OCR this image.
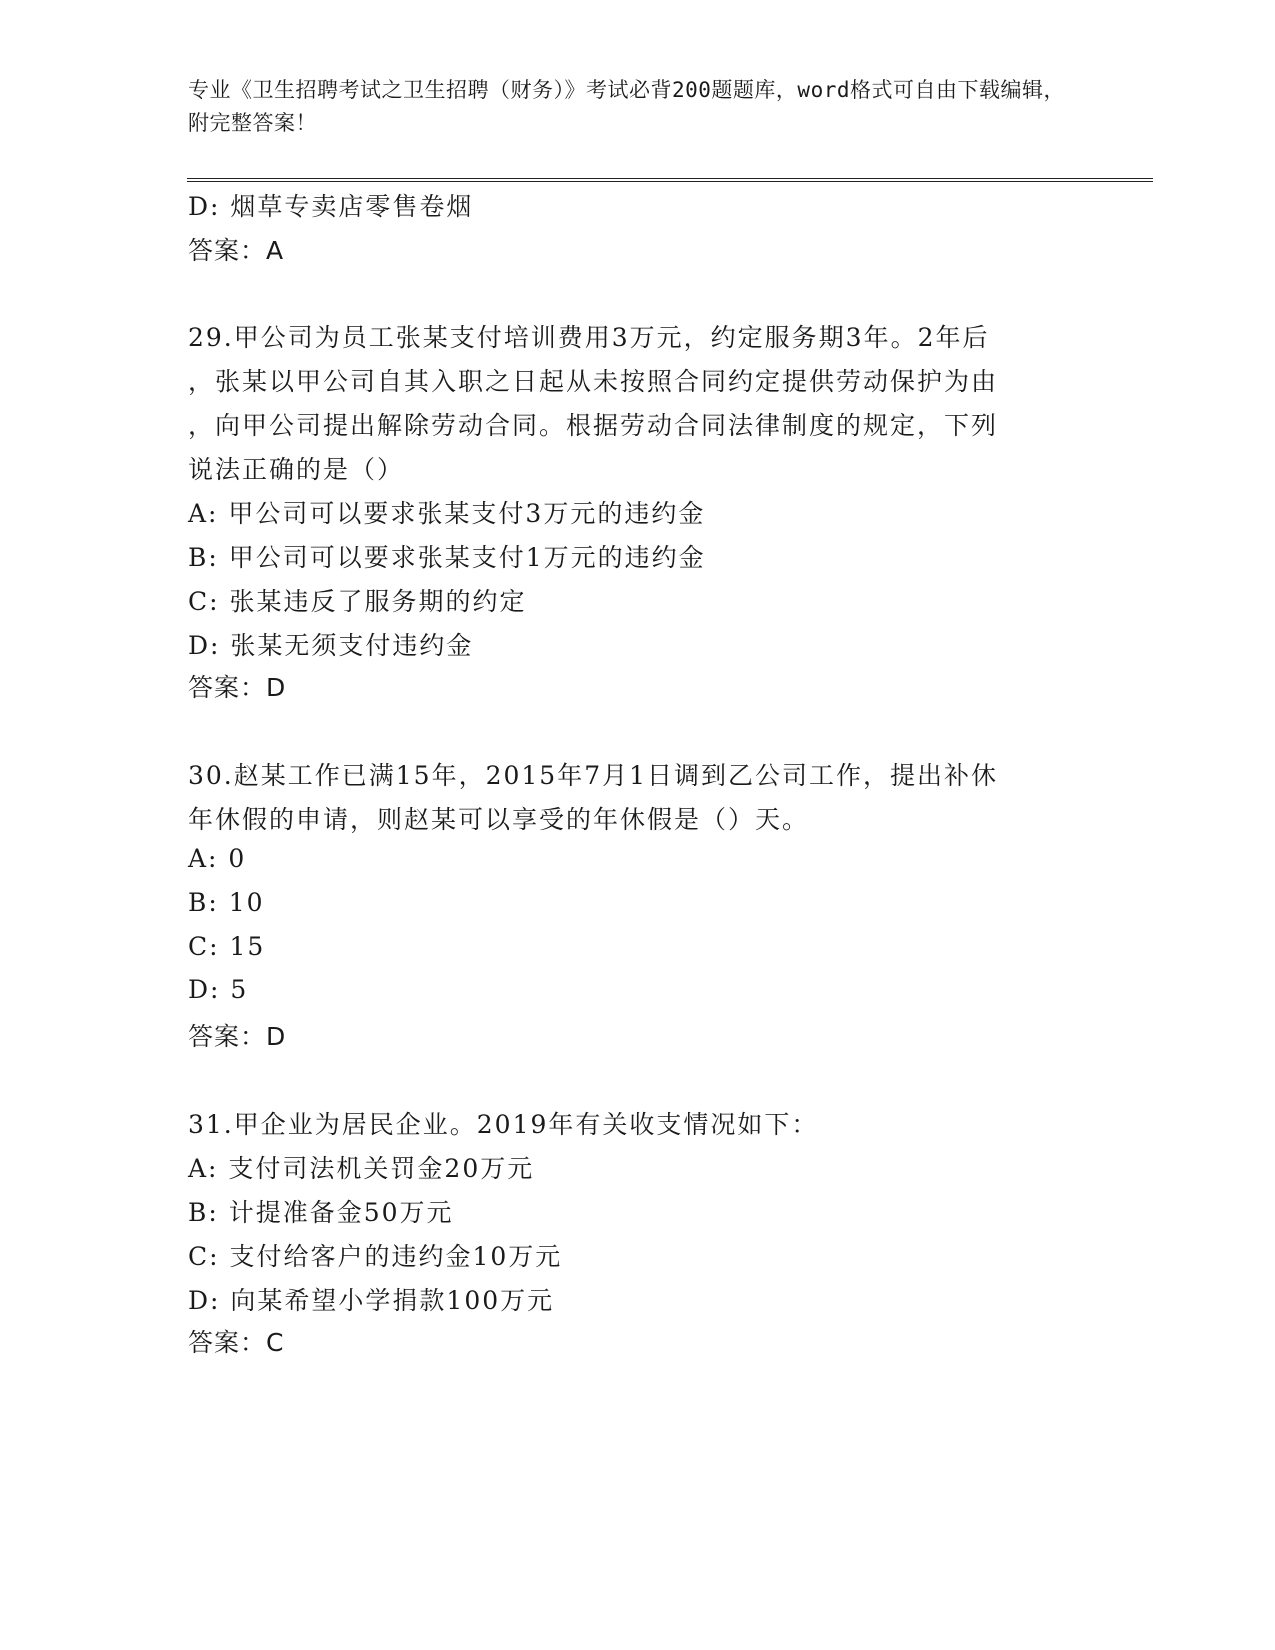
专业《卫生招聘考试之卫生招聘（财务）》考试必背200题题库，word格式可自由下载编辑，附完整答案！
D: 烟草专卖店零售卷烟
答案：A
29.甲公司为员工张某支付培训费用3万元，约定服务期3年。2年后
，张某以甲公司自其入职之日起从未按照合同约定提供劳动保护为由
，向甲公司提出解除劳动合同。根据劳动合同法律制度的规定，下列
说法正确的是（）
A: 甲公司可以要求张某支付3万元的违约金
B: 甲公司可以要求张某支付1万元的违约金
C: 张某违反了服务期的约定
D: 张某无须支付违约金
答案：D
30.赵某工作已满15年，2015年7月1日调到乙公司工作，提出补休
年休假的申请，则赵某可以享受的年休假是（）天。
A: 0
B: 10
C: 15
D: 5
答案：D
31.甲企业为居民企业。2019年有关收支情况如下：
A: 支付司法机关罚金20万元
B: 计提准备金50万元
C: 支付给客户的违约金10万元
D: 向某希望小学捐款100万元
答案：C
